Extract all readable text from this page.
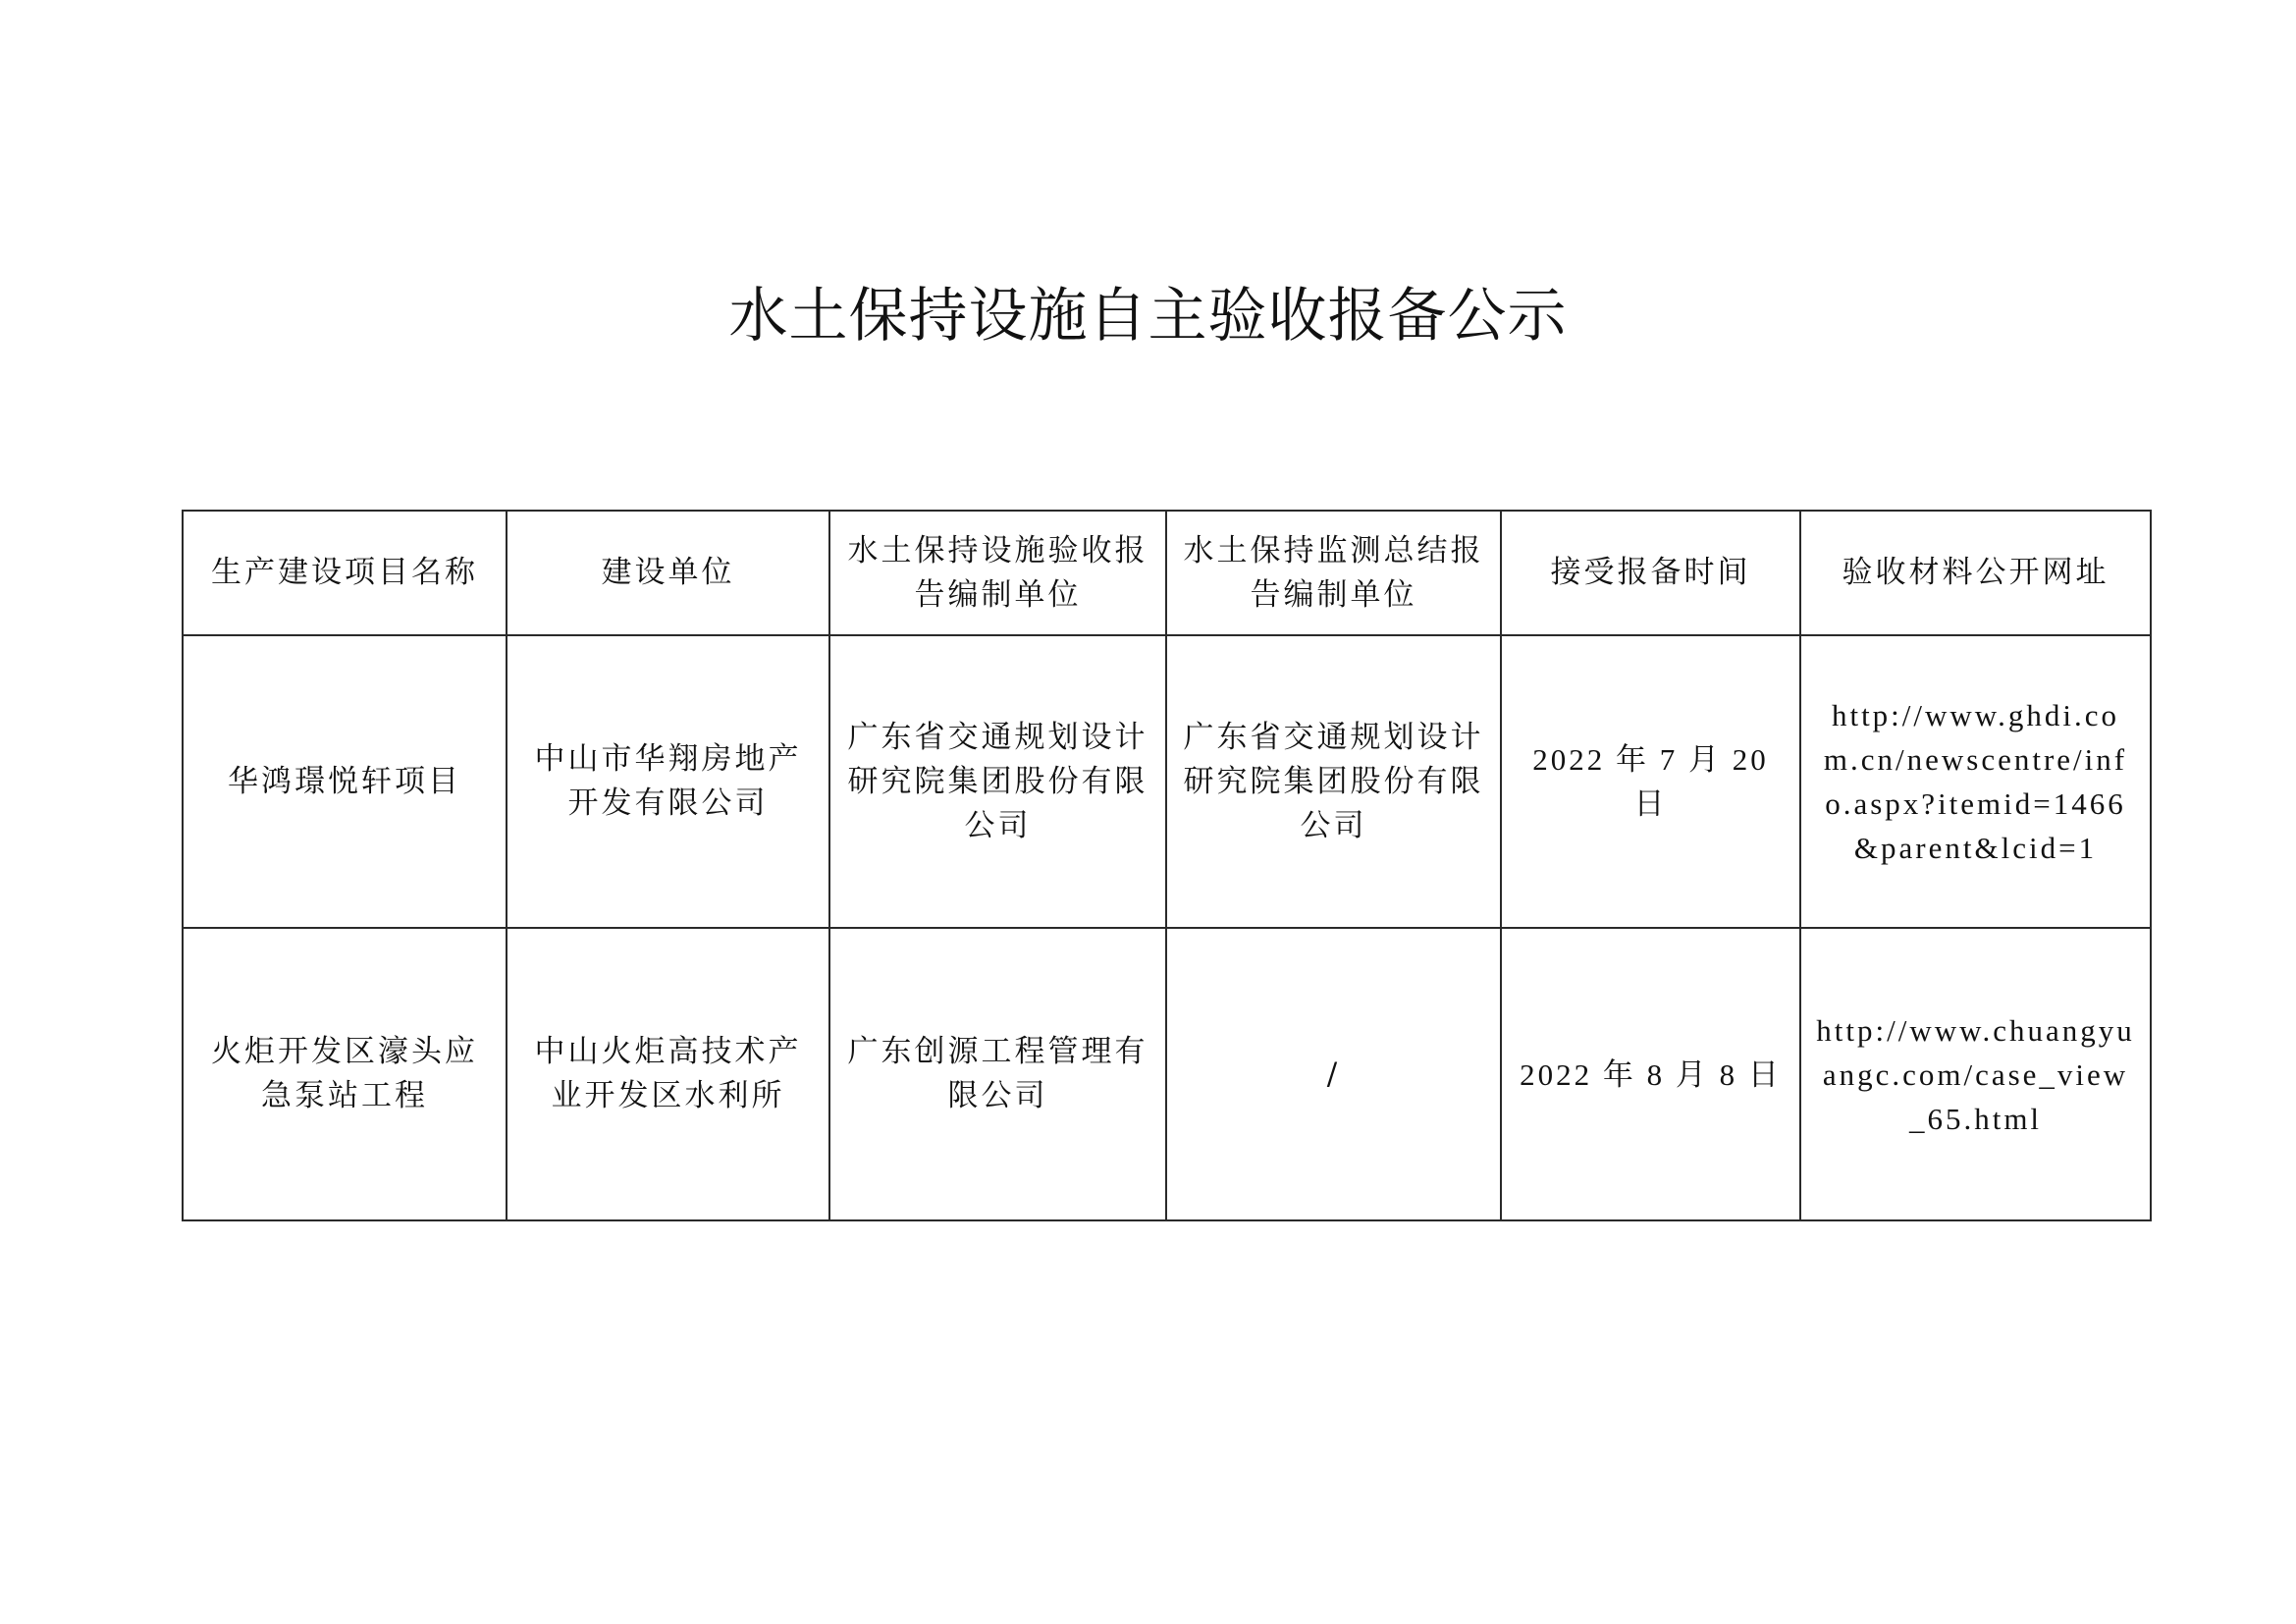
水土保持设施自主验收报备公示
生产建设项目名称	建设单位	水土保持设施验收报告编制单位	水土保持监测总结报告编制单位	接受报备时间	验收材料公开网址
华鸿璟悦轩项目	中山市华翔房地产开发有限公司	广东省交通规划设计研究院集团股份有限公司	广东省交通规划设计研究院集团股份有限公司	2022 年 7 月 20 日	http://www.ghdi.com.cn/newscentre/info.aspx?itemid=1466&parent&lcid=1
火炬开发区濠头应急泵站工程	中山火炬高技术产业开发区水利所	广东创源工程管理有限公司	/	2022 年 8 月 8 日	http://www.chuangyuangc.com/case_view_65.html
